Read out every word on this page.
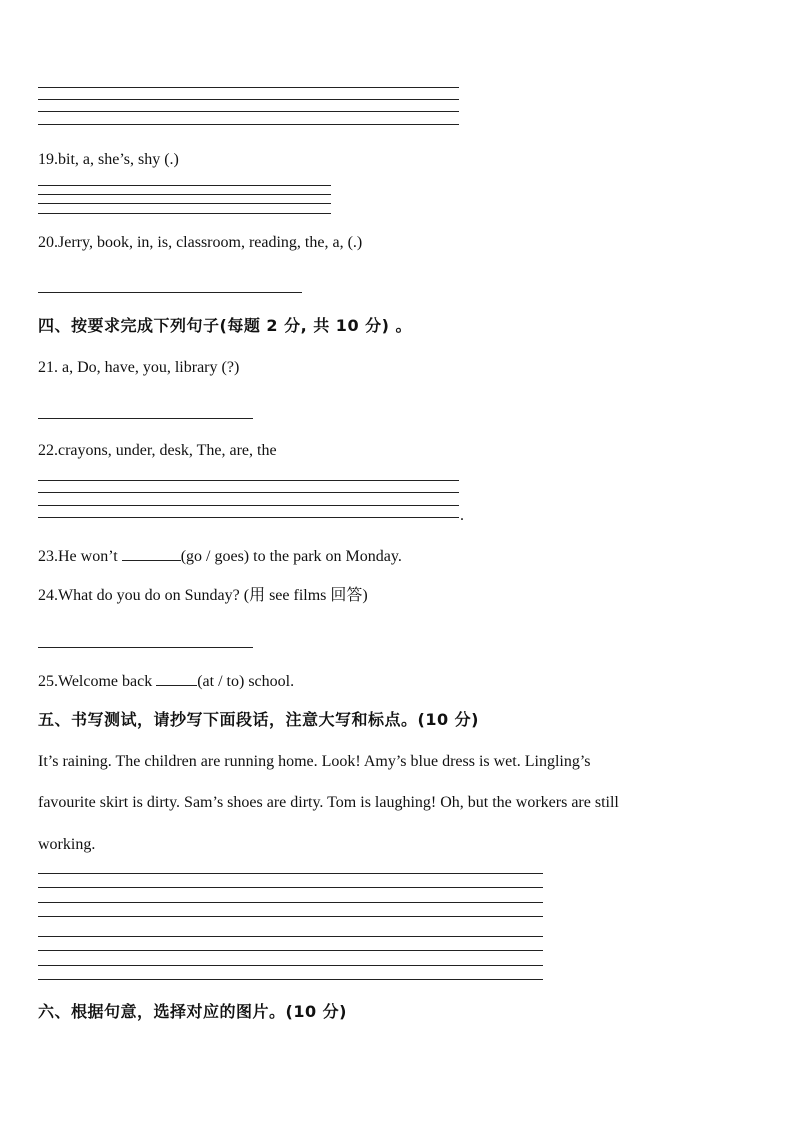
19.bit, a, she’s, shy (.)
20.Jerry, book, in, is, classroom, reading, the, a, (.)
四、按要求完成下列句子(每题 2 分, 共 10 分) 。
21. a, Do, have, you, library (?)
22.crayons, under, desk, The, are, the
.
23.He won’t	(go / goes) to the park on Monday.
24.What do you do on Sunday? (用 see films 回答)
25.Welcome back	(at / to) school.
五、书写测试，请抄写下面段话，注意大写和标点。(10 分)
It’s raining. The children are running home. Look! Amy’s blue dress is wet. Lingling’s
favourite skirt is dirty. Sam’s shoes are dirty. Tom is laughing! Oh, but the workers are still
working.
六、根据句意，选择对应的图片。(10 分)
